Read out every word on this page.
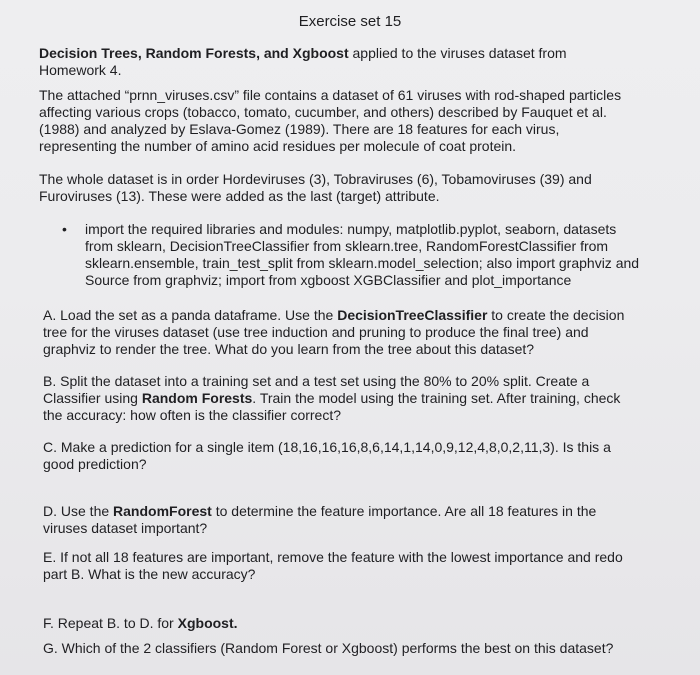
Exercise set 15

Decision Trees, Random Forests, and Xgboost applied to the viruses dataset from Homework 4.

The attached “prnn_viruses.csv” file contains a dataset of 61 viruses with rod-shaped particles affecting various crops (tobacco, tomato, cucumber, and others) described by Fauquet et al. (1988) and analyzed by Eslava-Gomez (1989). There are 18 features for each virus, representing the number of amino acid residues per molecule of coat protein.

The whole dataset is in order Hordeviruses (3), Tobraviruses (6), Tobamoviruses (39) and Furoviruses (13). These were added as the last (target) attribute.

• import the required libraries and modules: numpy, matplotlib.pyplot, seaborn, datasets from sklearn, DecisionTreeClassifier from sklearn.tree, RandomForestClassifier from sklearn.ensemble, train_test_split from sklearn.model_selection; also import graphviz and Source from graphviz; import from xgboost XGBClassifier and plot_importance

A. Load the set as a panda dataframe. Use the DecisionTreeClassifier to create the decision tree for the viruses dataset (use tree induction and pruning to produce the final tree) and graphviz to render the tree. What do you learn from the tree about this dataset?

B. Split the dataset into a training set and a test set using the 80% to 20% split. Create a Classifier using Random Forests. Train the model using the training set. After training, check the accuracy: how often is the classifier correct?

C. Make a prediction for a single item (18,16,16,16,8,6,14,1,14,0,9,12,4,8,0,2,11,3). Is this a good prediction?

D. Use the RandomForest to determine the feature importance. Are all 18 features in the viruses dataset important?

E. If not all 18 features are important, remove the feature with the lowest importance and redo part B. What is the new accuracy?

F. Repeat B. to D. for Xgboost.

G. Which of the 2 classifiers (Random Forest or Xgboost) performs the best on this dataset?
